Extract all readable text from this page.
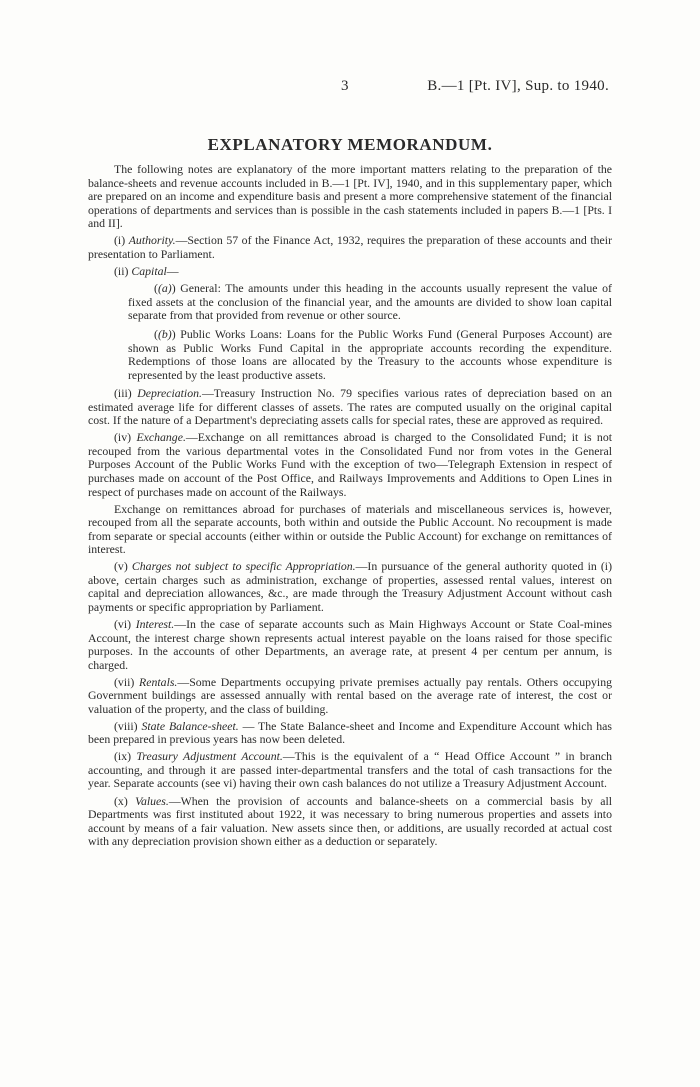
3	B.—1 [Pt. IV], Sup. to 1940.
EXPLANATORY MEMORANDUM.

The following notes are explanatory of the more important matters relating to the preparation of the balance-sheets and revenue accounts included in B.—1 [Pt. IV], 1940, and in this supplementary paper, which are prepared on an income and expenditure basis and present a more comprehensive statement of the financial operations of departments and services than is possible in the cash statements included in papers B.—1 [Pts. I and II].

(i) Authority.—Section 57 of the Finance Act, 1932, requires the preparation of these accounts and their presentation to Parliament.

(ii) Capital—

((a)) General: The amounts under this heading in the accounts usually represent the value of fixed assets at the conclusion of the financial year, and the amounts are divided to show loan capital separate from that provided from revenue or other source.

((b)) Public Works Loans: Loans for the Public Works Fund (General Purposes Account) are shown as Public Works Fund Capital in the appropriate accounts recording the expenditure. Redemptions of those loans are allocated by the Treasury to the accounts whose expenditure is represented by the least productive assets.

(iii) Depreciation.—Treasury Instruction No. 79 specifies various rates of depreciation based on an estimated average life for different classes of assets. The rates are computed usually on the original capital cost. If the nature of a Department's depreciating assets calls for special rates, these are approved as required.

(iv) Exchange.—Exchange on all remittances abroad is charged to the Consolidated Fund; it is not recouped from the various departmental votes in the Consolidated Fund nor from votes in the General Purposes Account of the Public Works Fund with the exception of two—Telegraph Extension in respect of purchases made on account of the Post Office, and Railways Improvements and Additions to Open Lines in respect of purchases made on account of the Railways.

Exchange on remittances abroad for purchases of materials and miscellaneous services is, however, recouped from all the separate accounts, both within and outside the Public Account. No recoupment is made from separate or special accounts (either within or outside the Public Account) for exchange on remittances of interest.

(v) Charges not subject to specific Appropriation.—In pursuance of the general authority quoted in (i) above, certain charges such as administration, exchange of properties, assessed rental values, interest on capital and depreciation allowances, &c., are made through the Treasury Adjustment Account without cash payments or specific appropriation by Parliament.

(vi) Interest.—In the case of separate accounts such as Main Highways Account or State Coal-mines Account, the interest charge shown represents actual interest payable on the loans raised for those specific purposes. In the accounts of other Departments, an average rate, at present 4 per centum per annum, is charged.

(vii) Rentals.—Some Departments occupying private premises actually pay rentals. Others occupying Government buildings are assessed annually with rental based on the average rate of interest, the cost or valuation of the property, and the class of building.

(viii) State Balance-sheet. — The State Balance-sheet and Income and Expenditure Account which has been prepared in previous years has now been deleted.

(ix) Treasury Adjustment Account.—This is the equivalent of a “ Head Office Account ” in branch accounting, and through it are passed inter-departmental transfers and the total of cash transactions for the year. Separate accounts (see vi) having their own cash balances do not utilize a Treasury Adjustment Account.

(x) Values.—When the provision of accounts and balance-sheets on a commercial basis by all Departments was first instituted about 1922, it was necessary to bring numerous properties and assets into account by means of a fair valuation. New assets since then, or additions, are usually recorded at actual cost with any depreciation provision shown either as a deduction or separately.
